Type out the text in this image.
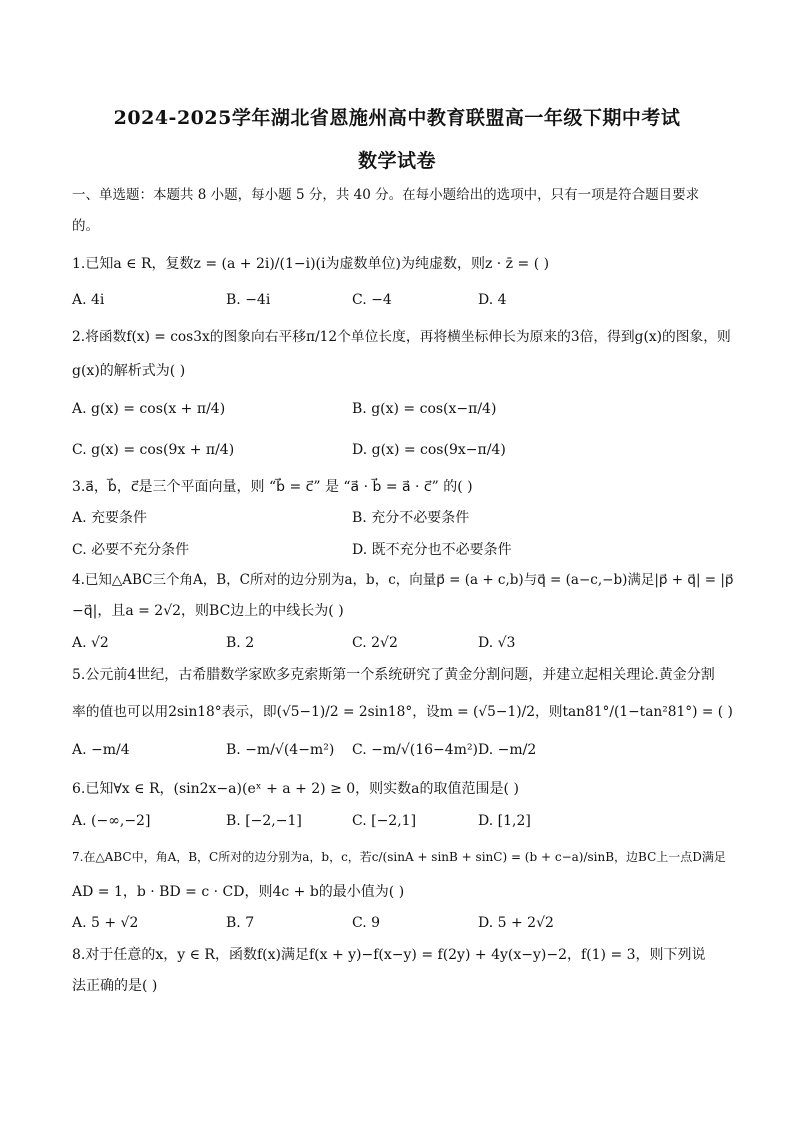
2024-2025学年湖北省恩施州高中教育联盟高一年级下期中考试
数学试卷
一、单选题：本题共 8 小题，每小题 5 分，共 40 分。在每小题给出的选项中，只有一项是符合题目要求
的。
1.已知a ∈ R，复数z = (a + 2i)/(1−i)(i为虚数单位)为纯虚数，则z · z̄ = ( )
A. 4i	B. −4i	C. −4	D. 4
2.将函数f(x) = cos3x的图象向右平移π/12个单位长度，再将横坐标伸长为原来的3倍，得到g(x)的图象，则
g(x)的解析式为( )
A. g(x) = cos(x + π/4)	B. g(x) = cos(x−π/4)
C. g(x) = cos(9x + π/4)	D. g(x) = cos(9x−π/4)
3.a⃗，b⃗，c⃗是三个平面向量，则 “b⃗ = c⃗” 是 “a⃗ · b⃗ = a⃗ · c⃗” 的( )
A. 充要条件	B. 充分不必要条件
C. 必要不充分条件	D. 既不充分也不必要条件
4.已知△ABC三个角A，B，C所对的边分别为a，b，c，向量p⃗ = (a + c,b)与q⃗ = (a−c,−b)满足|p⃗ + q⃗| = |p⃗
−q⃗|，且a = 2√2，则BC边上的中线长为( )
A. √2	B. 2	C. 2√2	D. √3
5.公元前4世纪，古希腊数学家欧多克索斯第一个系统研究了黄金分割问题，并建立起相关理论.黄金分割
率的值也可以用2sin18°表示，即(√5−1)/2 = 2sin18°，设m = (√5−1)/2，则tan81°/(1−tan²81°) = ( )
A. −m/4	B. −m/√(4−m²) C. −m/√(16−4m²) D. −m/2
6.已知∀x ∈ R，(sin2x−a)(eˣ + a + 2) ≥ 0，则实数a的取值范围是( )
A. (−∞,−2]	B. [−2,−1]	C. [−2,1]	D. [1,2]
7.在△ABC中，角A，B，C所对的边分别为a，b，c，若c/(sinA + sinB + sinC) = (b + c−a)/sinB，边BC上一点D满足
AD = 1，b · BD = c · CD，则4c + b的最小值为( )
A. 5 + √2	B. 7	C. 9	D. 5 + 2√2
8.对于任意的x，y ∈ R，函数f(x)满足f(x + y)−f(x−y) = f(2y) + 4y(x−y)−2，f(1) = 3，则下列说
法正确的是( )
